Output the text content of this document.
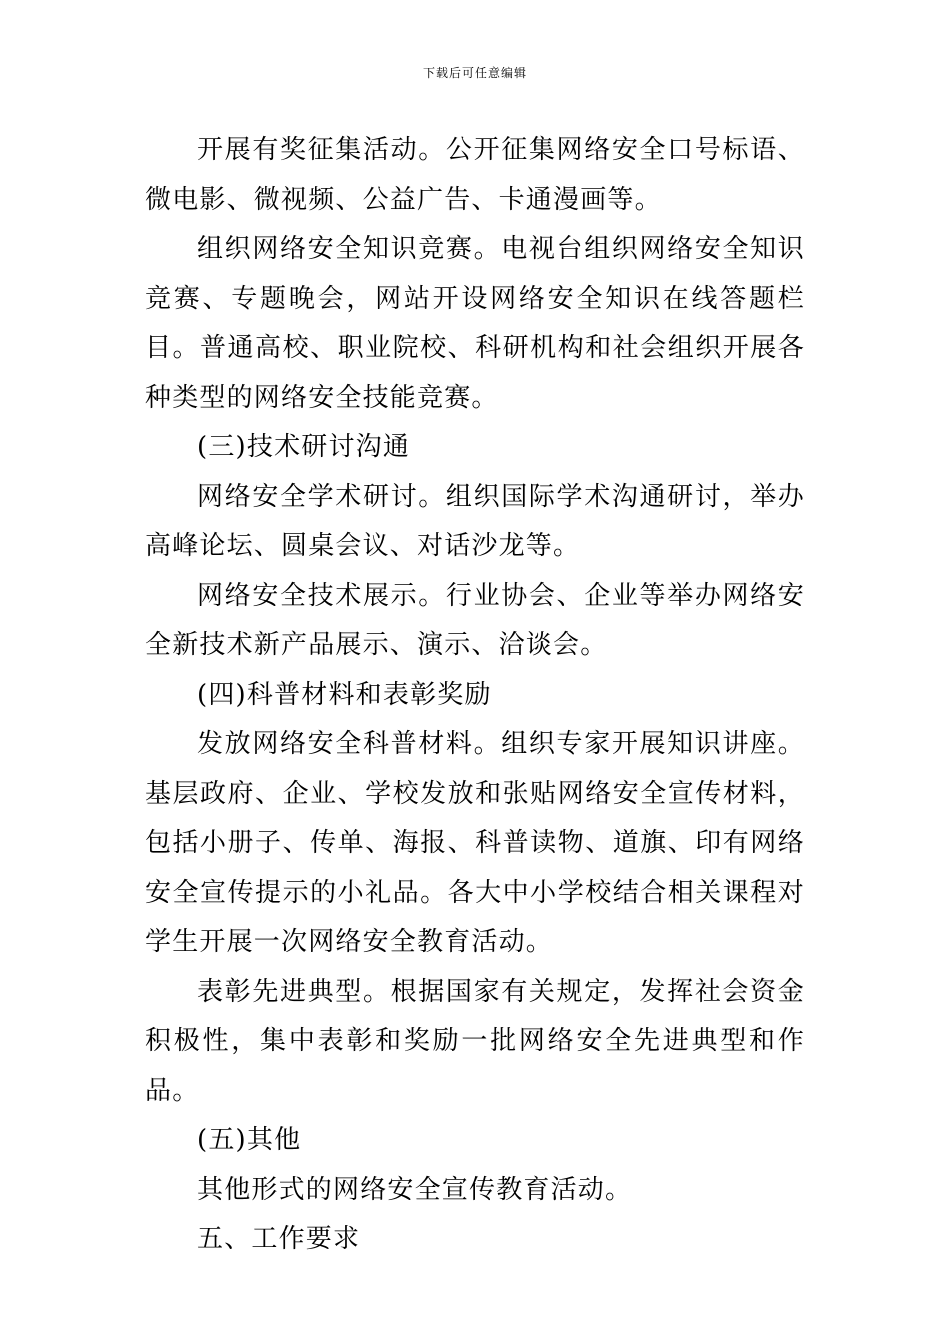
下载后可任意编辑

开展有奖征集活动。公开征集网络安全口号标语、微电影、微视频、公益广告、卡通漫画等。

组织网络安全知识竞赛。电视台组织网络安全知识竞赛、专题晚会，网站开设网络安全知识在线答题栏目。普通高校、职业院校、科研机构和社会组织开展各种类型的网络安全技能竞赛。

(三)技术研讨沟通

网络安全学术研讨。组织国际学术沟通研讨，举办高峰论坛、圆桌会议、对话沙龙等。

网络安全技术展示。行业协会、企业等举办网络安全新技术新产品展示、演示、洽谈会。

(四)科普材料和表彰奖励

发放网络安全科普材料。组织专家开展知识讲座。基层政府、企业、学校发放和张贴网络安全宣传材料，包括小册子、传单、海报、科普读物、道旗、印有网络安全宣传提示的小礼品。各大中小学校结合相关课程对学生开展一次网络安全教育活动。

表彰先进典型。根据国家有关规定，发挥社会资金积极性，集中表彰和奖励一批网络安全先进典型和作品。

(五)其他

其他形式的网络安全宣传教育活动。

五、工作要求
